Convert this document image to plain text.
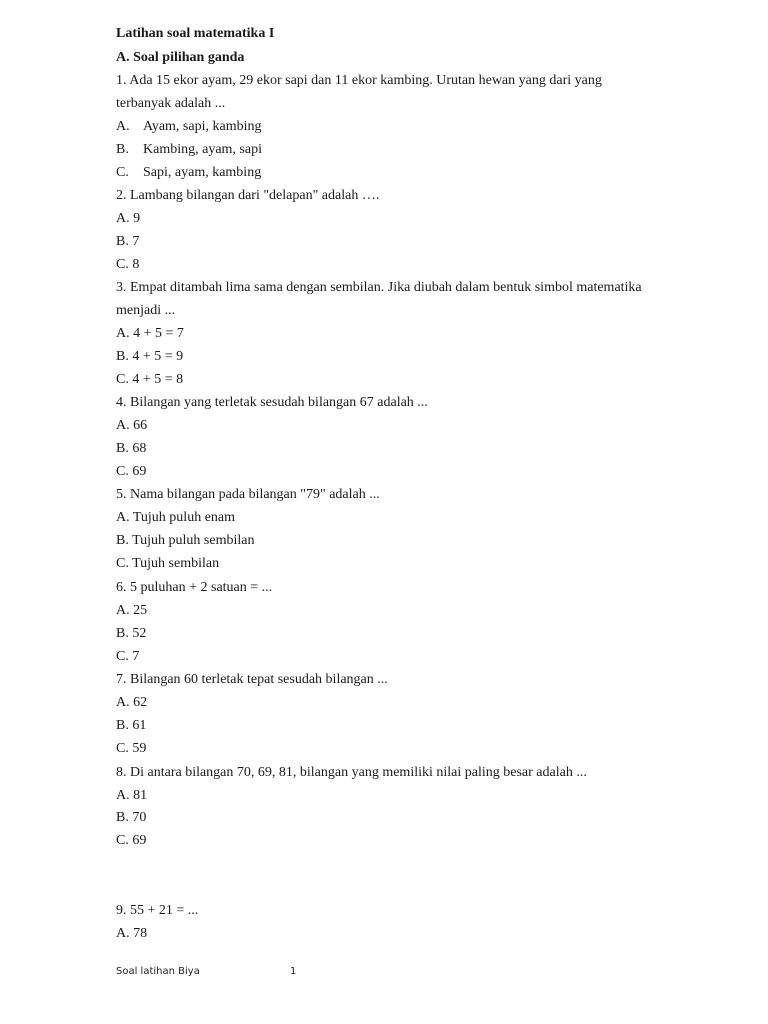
Latihan soal matematika I
A. Soal pilihan ganda
1. Ada 15 ekor ayam, 29 ekor sapi dan 11 ekor kambing. Urutan hewan yang dari yang
terbanyak adalah ...
A. Ayam, sapi, kambing
B. Kambing, ayam, sapi
C. Sapi, ayam, kambing
2. Lambang bilangan dari "delapan" adalah ….
A. 9
B. 7
C. 8
3. Empat ditambah lima sama dengan sembilan. Jika diubah dalam bentuk simbol matematika
menjadi ...
A. 4 + 5 = 7
B. 4 + 5 = 9
C. 4 + 5 = 8
4. Bilangan yang terletak sesudah bilangan 67 adalah ...
A. 66
B. 68
C. 69
5. Nama bilangan pada bilangan "79" adalah ...
A. Tujuh puluh enam
B. Tujuh puluh sembilan
C. Tujuh sembilan
6. 5 puluhan + 2 satuan = ...
A. 25
B. 52
C. 7
7. Bilangan 60 terletak tepat sesudah bilangan ...
A. 62
B. 61
C. 59
8. Di antara bilangan 70, 69, 81, bilangan yang memiliki nilai paling besar adalah ...
A. 81
B. 70
C. 69
9. 55 + 21 = ...
A. 78
Soal latihan Biya	1
